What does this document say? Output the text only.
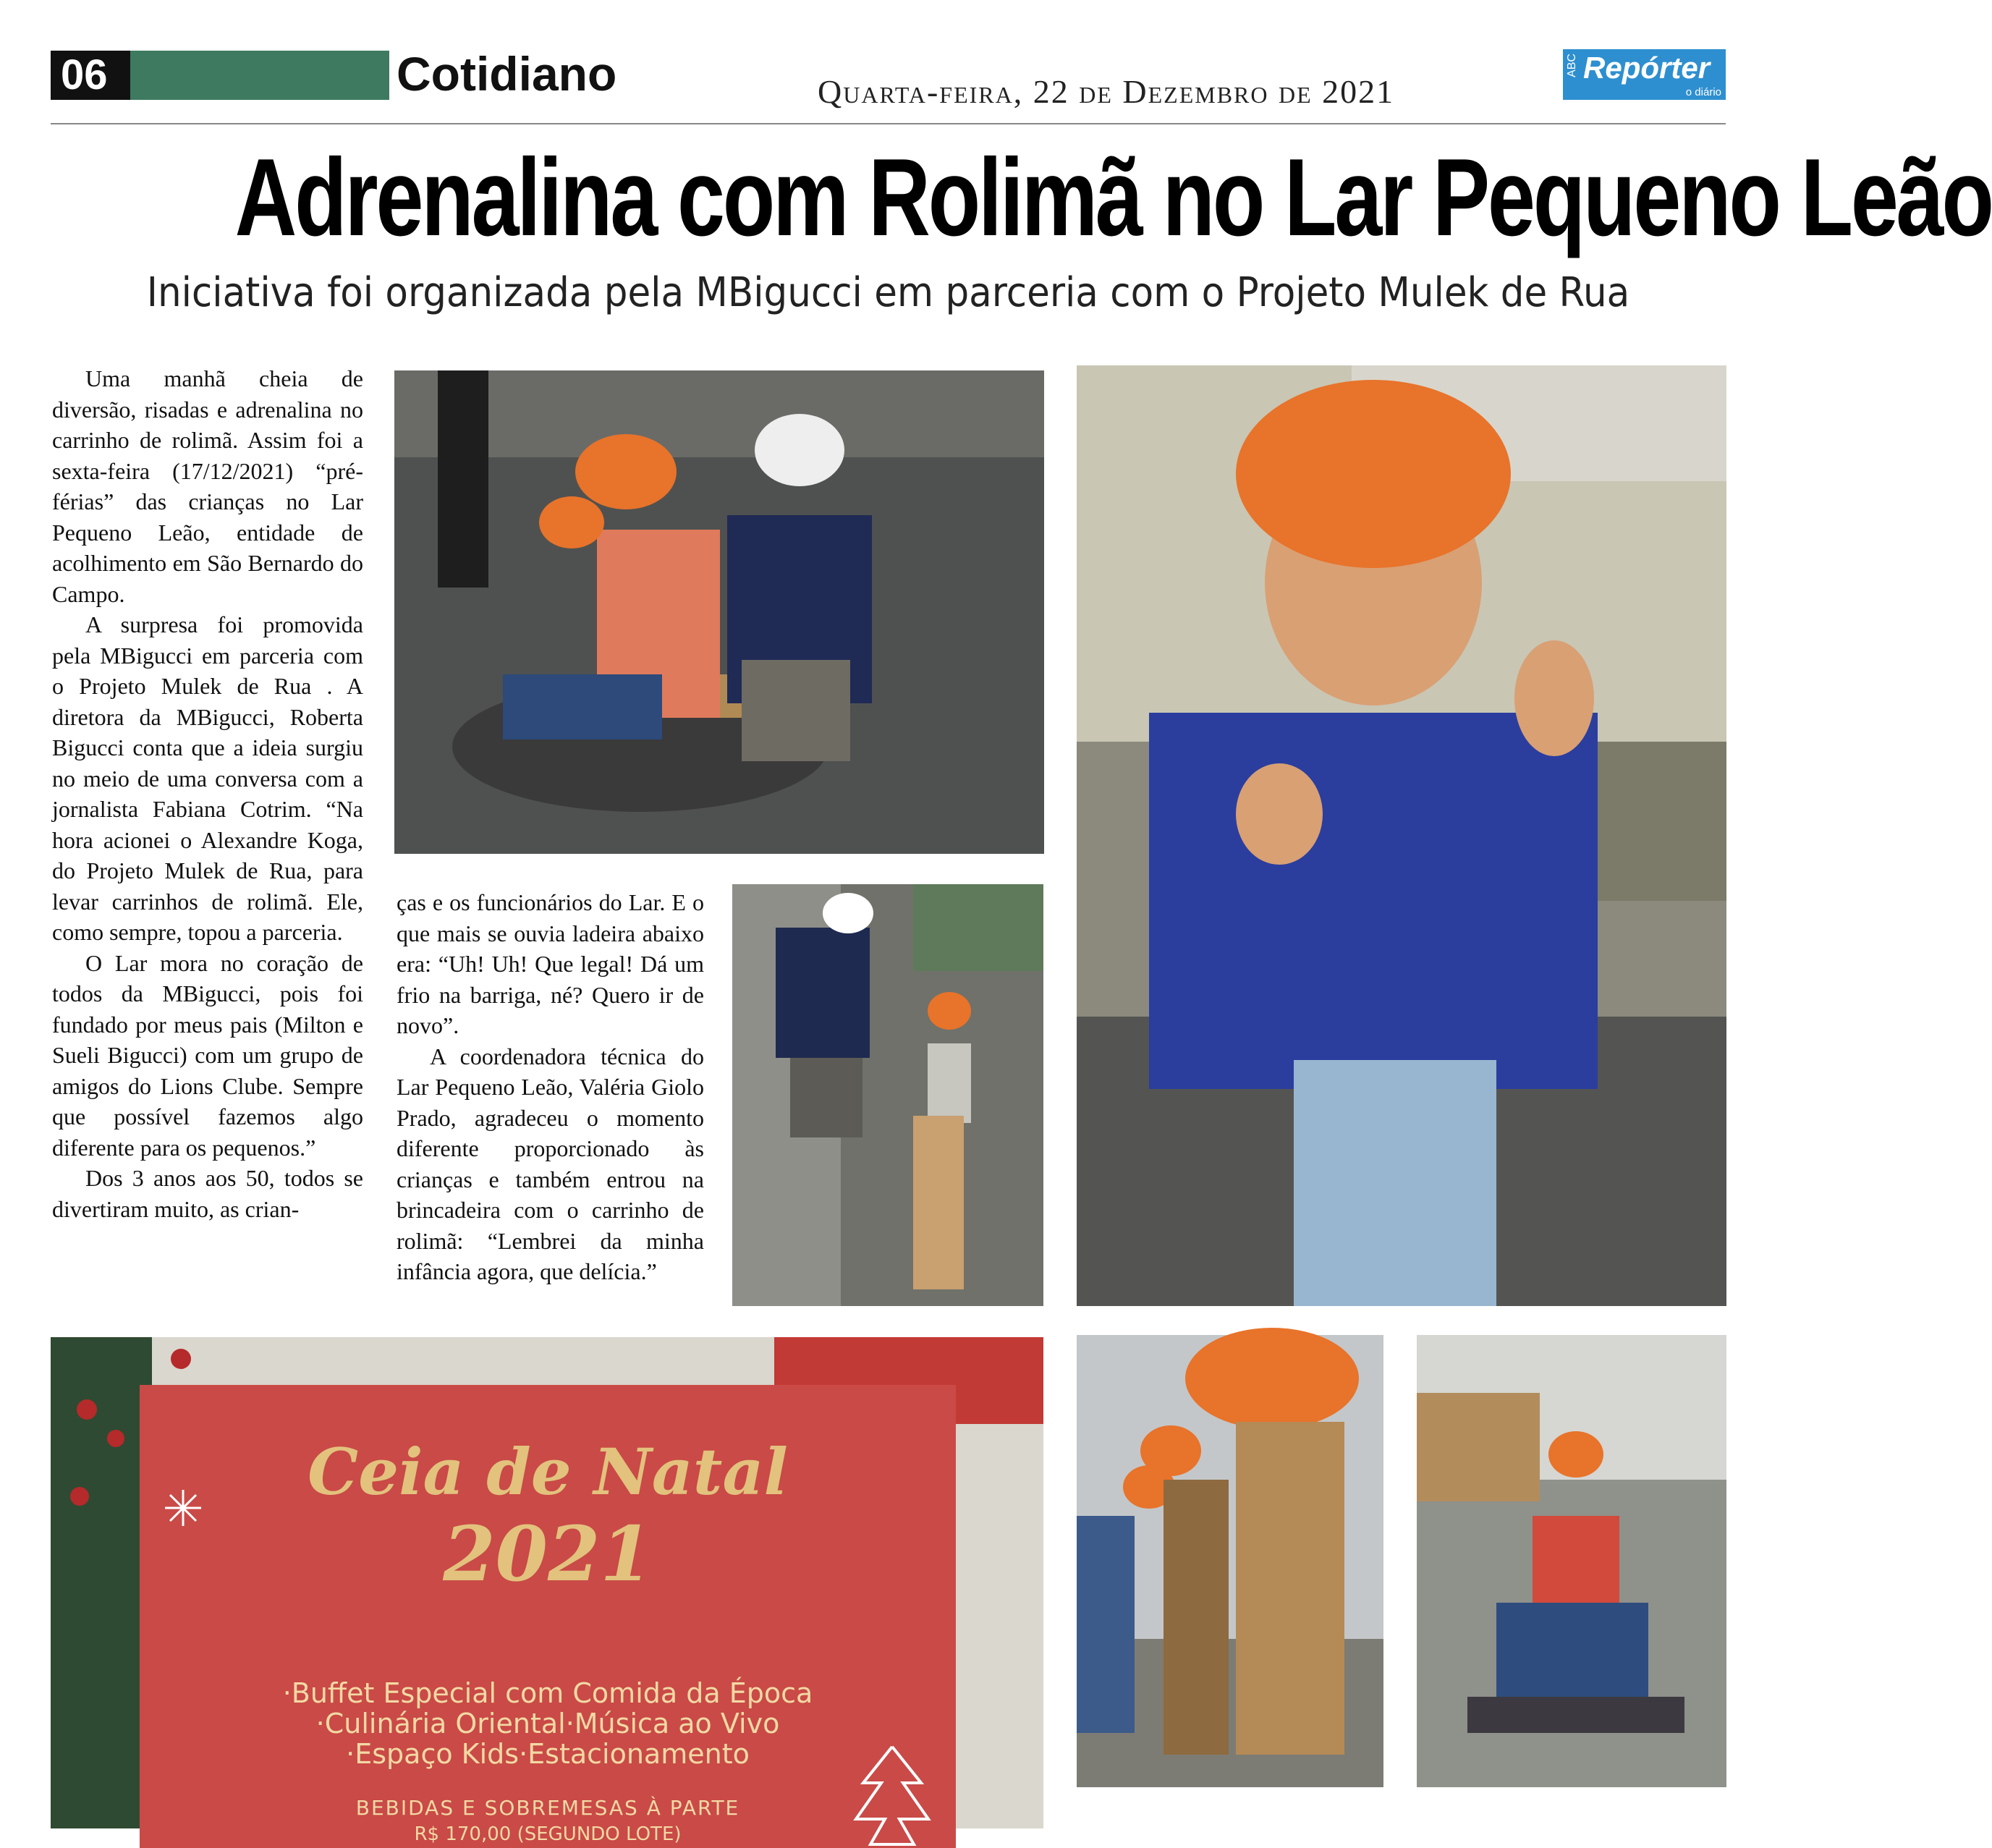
06	Cotidiano	Quarta-feira, 22 de Dezembro de 2021
ABC Repórter
o diário
Adrenalina com Rolimã no Lar Pequeno Leão
Iniciativa foi organizada pela MBigucci em parceria com o Projeto Mulek de Rua

Uma manhã cheia de diversão, risadas e adrenalina no carrinho de rolimã. Assim foi a sexta-feira (17/12/2021) “pré-férias” das crianças no Lar Pequeno Leão, entidade de acolhimento em São Bernardo do Campo.

A surpresa foi promovida pela MBigucci em parceria com o Projeto Mulek de Rua . A diretora da MBigucci, Roberta Bigucci conta que a ideia surgiu no meio de uma conversa com a jornalista Fabiana Cotrim. “Na hora acionei o Alexandre Koga, do Projeto Mulek de Rua, para levar carrinhos de rolimã. Ele, como sempre, topou a parceria.

O Lar mora no coração de todos da MBigucci, pois foi fundado por meus pais (Milton e Sueli Bigucci) com um grupo de amigos do Lions Clube. Sempre que possível fazemos algo diferente para os pequenos.”

Dos 3 anos aos 50, todos se divertiram muito, as crian-

ças e os funcionários do Lar. E o que mais se ouvia ladeira abaixo era: “Uh! Uh! Que legal! Dá um frio na barriga, né? Quero ir de novo”.

A coordenadora técnica do Lar Pequeno Leão, Valéria Giolo Prado, agradeceu o momento diferente proporcionado às crianças e também entrou na brincadeira com o carrinho de rolimã: “Lembrei da minha infância agora, que delícia.”

Ceia de Natal
2021
·Buffet Especial com Comida da Época
·Culinária Oriental·Música ao Vivo
·Espaço Kids·Estacionamento
BEBIDAS E SOBREMESAS À PARTE
R$ 170,00 (SEGUNDO LOTE)
